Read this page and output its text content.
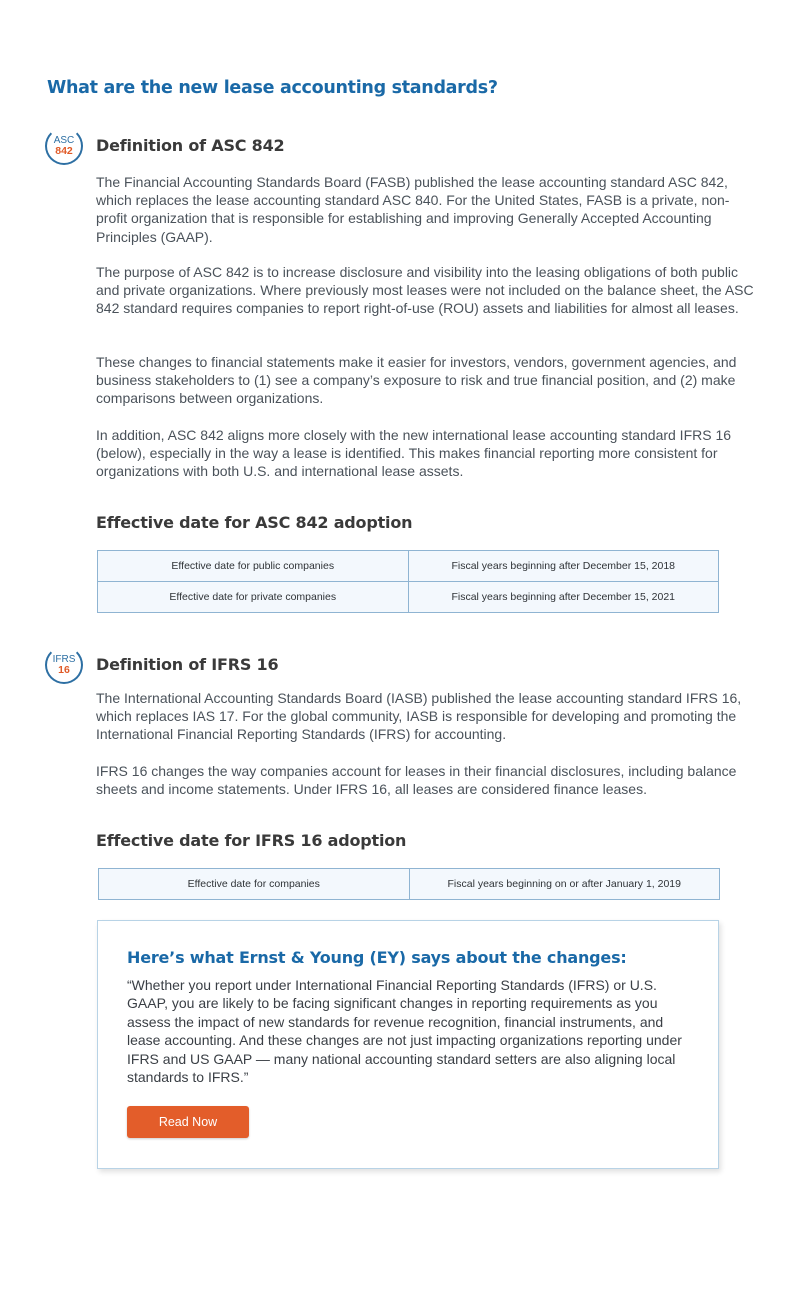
What are the new lease accounting standards?
ASC
842 Definition of ASC 842

The Financial Accounting Standards Board (FASB) published the lease accounting standard ASC 842, which replaces the lease accounting standard ASC 840. For the United States, FASB is a private, non-profit organization that is responsible for establishing and improving Generally Accepted Accounting Principles (GAAP).

The purpose of ASC 842 is to increase disclosure and visibility into the leasing obligations of both public and private organizations. Where previously most leases were not included on the balance sheet, the ASC 842 standard requires companies to report right-of-use (ROU) assets and liabilities for almost all leases.

These changes to financial statements make it easier for investors, vendors, government agencies, and business stakeholders to (1) see a company’s exposure to risk and true financial position, and (2) make comparisons between organizations.

In addition, ASC 842 aligns more closely with the new international lease accounting standard IFRS 16 (below), especially in the way a lease is identified. This makes financial reporting more consistent for organizations with both U.S. and international lease assets.

Effective date for ASC 842 adoption
Effective date for public companies	Fiscal years beginning after December 15, 2018
Effective date for private companies	Fiscal years beginning after December 15, 2021
IFRS
16 Definition of IFRS 16

The International Accounting Standards Board (IASB) published the lease accounting standard IFRS 16, which replaces IAS 17. For the global community, IASB is responsible for developing and promoting the International Financial Reporting Standards (IFRS) for accounting.

IFRS 16 changes the way companies account for leases in their financial disclosures, including balance sheets and income statements. Under IFRS 16, all leases are considered finance leases.

Effective date for IFRS 16 adoption
Effective date for companies	Fiscal years beginning on or after January 1, 2019
Here’s what Ernst & Young (EY) says about the changes:

“Whether you report under International Financial Reporting Standards (IFRS) or U.S. GAAP, you are likely to be facing significant changes in reporting requirements as you assess the impact of new standards for revenue recognition, financial instruments, and lease accounting. And these changes are not just impacting organizations reporting under IFRS and US GAAP — many national accounting standard setters are also aligning local standards to IFRS.”

Read Now
